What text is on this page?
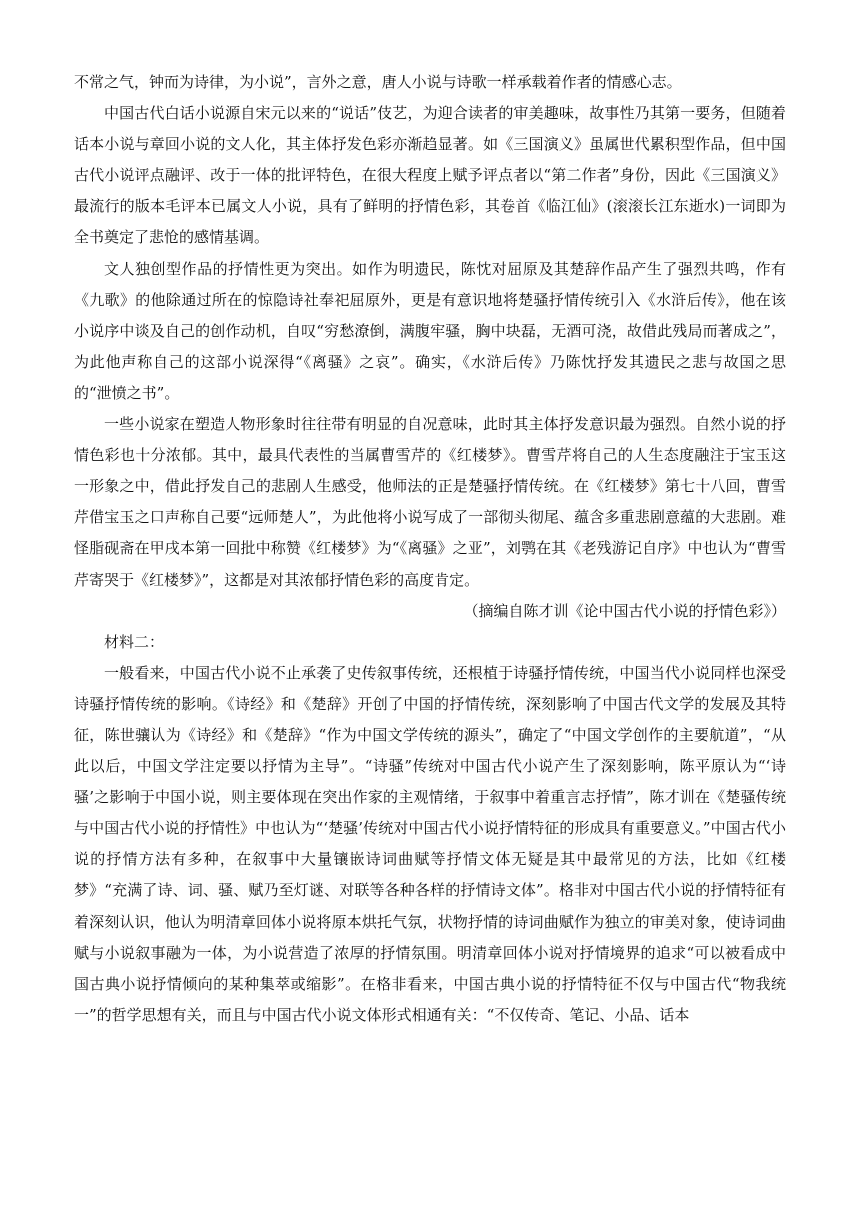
不常之气，钟而为诗律，为小说”，言外之意，唐人小说与诗歌一样承载着作者的情感心志。

中国古代白话小说源自宋元以来的“说话”伎艺，为迎合读者的审美趣味，故事性乃其第一要务，但随着话本小说与章回小说的文人化，其主体抒发色彩亦渐趋显著。如《三国演义》虽属世代累积型作品，但中国古代小说评点融评、改于一体的批评特色，在很大程度上赋予评点者以“第二作者”身份，因此《三国演义》最流行的版本毛评本已属文人小说，具有了鲜明的抒情色彩，其卷首《临江仙》(滚滚长江东逝水)一词即为全书奠定了悲怆的感情基调。

文人独创型作品的抒情性更为突出。如作为明遗民，陈忱对屈原及其楚辞作品产生了强烈共鸣，作有《九歌》的他除通过所在的惊隐诗社奉祀屈原外，更是有意识地将楚骚抒情传统引入《水浒后传》，他在该小说序中谈及自己的创作动机，自叹“穷愁潦倒，满腹牢骚，胸中块磊，无酒可浇，故借此残局而著成之”，为此他声称自己的这部小说深得“《离骚》之哀”。确实，《水浒后传》乃陈忱抒发其遗民之悲与故国之思的“泄愤之书”。

一些小说家在塑造人物形象时往往带有明显的自况意味，此时其主体抒发意识最为强烈。自然小说的抒情色彩也十分浓郁。其中，最具代表性的当属曹雪芹的《红楼梦》。曹雪芹将自己的人生态度融注于宝玉这一形象之中，借此抒发自己的悲剧人生感受，他师法的正是楚骚抒情传统。在《红楼梦》第七十八回，曹雪芹借宝玉之口声称自己要“远师楚人”，为此他将小说写成了一部彻头彻尾、蕴含多重悲剧意蕴的大悲剧。难怪脂砚斋在甲戌本第一回批中称赞《红楼梦》为“《离骚》之亚”，刘鹗在其《老残游记自序》中也认为“曹雪芹寄哭于《红楼梦》”，这都是对其浓郁抒情色彩的高度肯定。

（摘编自陈才训《论中国古代小说的抒情色彩》）

材料二：

一般看来，中国古代小说不止承袭了史传叙事传统，还根植于诗骚抒情传统，中国当代小说同样也深受诗骚抒情传统的影响。《诗经》和《楚辞》开创了中国的抒情传统，深刻影响了中国古代文学的发展及其特征，陈世骧认为《诗经》和《楚辞》“作为中国文学传统的源头”，确定了“中国文学创作的主要航道”，“从此以后，中国文学注定要以抒情为主导”。“诗骚”传统对中国古代小说产生了深刻影响，陈平原认为“‘诗骚’之影响于中国小说，则主要体现在突出作家的主观情绪，于叙事中着重言志抒情”，陈才训在《楚骚传统与中国古代小说的抒情性》中也认为“‘楚骚’传统对中国古代小说抒情特征的形成具有重要意义。”中国古代小说的抒情方法有多种，在叙事中大量镶嵌诗词曲赋等抒情文体无疑是其中最常见的方法，比如《红楼梦》“充满了诗、词、骚、赋乃至灯谜、对联等各种各样的抒情诗文体”。格非对中国古代小说的抒情特征有着深刻认识，他认为明清章回体小说将原本烘托气氛，状物抒情的诗词曲赋作为独立的审美对象，使诗词曲赋与小说叙事融为一体，为小说营造了浓厚的抒情氛围。明清章回体小说对抒情境界的追求“可以被看成中国古典小说抒情倾向的某种集萃或缩影”。在格非看来，中国古典小说的抒情特征不仅与中国古代“物我统一”的哲学思想有关，而且与中国古代小说文体形式相通有关：“不仅传奇、笔记、小品、话本
